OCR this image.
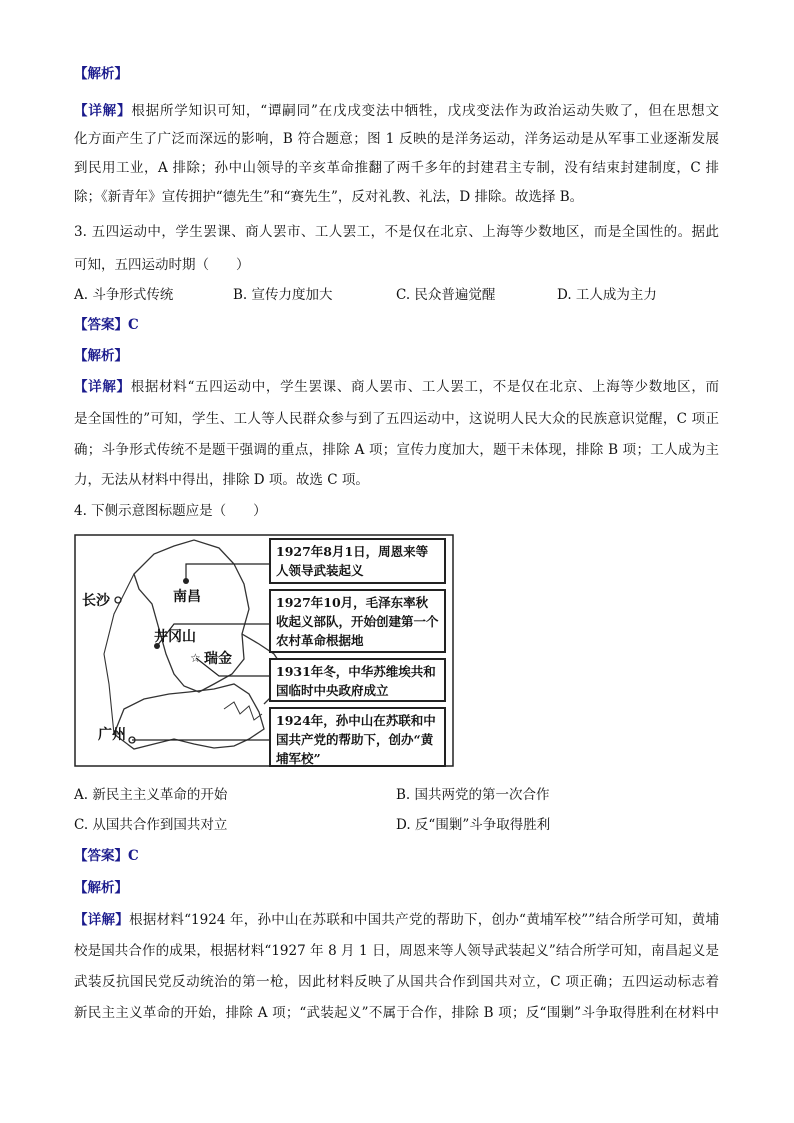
【解析】
【详解】根据所学知识可知，“谭嗣同”在戊戌变法中牺牲，戊戌变法作为政治运动失败了，但在思想文
化方面产生了广泛而深远的影响，B 符合题意；图 1 反映的是洋务运动，洋务运动是从军事工业逐渐发展
到民用工业，A 排除；孙中山领导的辛亥革命推翻了两千多年的封建君主专制，没有结束封建制度，C 排
除；《新青年》宣传拥护“德先生”和“赛先生”，反对礼教、礼法，D 排除。故选择 B。
3. 五四运动中，学生罢课、商人罢市、工人罢工，不是仅在北京、上海等少数地区，而是全国性的。据此
可知，五四运动时期（　　）
A. 斗争形式传统	B. 宣传力度加大	C. 民众普遍觉醒	D. 工人成为主力
【答案】C
【解析】
【详解】根据材料“五四运动中，学生罢课、商人罢市、工人罢工，不是仅在北京、上海等少数地区，而
是全国性的”可知，学生、工人等人民群众参与到了五四运动中，这说明人民大众的民族意识觉醒，C 项正
确；斗争形式传统不是题干强调的重点，排除 A 项；宣传力度加大，题干未体现，排除 B 项；工人成为主
力，无法从材料中得出，排除 D 项。故选 C 项。
4. 下侧示意图标题应是（　　）
☆
长沙	南昌
井冈山
瑞金
广州
1927年8月1日，周恩来等人领导武装起义
1927年10月，毛泽东率秋收起义部队，开始创建第一个农村革命根据地
1931年冬，中华苏维埃共和国临时中央政府成立
1924年，孙中山在苏联和中国共产党的帮助下，创办“黄埔军校”
A. 新民主主义革命的开始	B. 国共两党的第一次合作
C. 从国共合作到国共对立	D. 反“围剿”斗争取得胜利
【答案】C
【解析】
【详解】根据材料“1924 年，孙中山在苏联和中国共产党的帮助下，创办“黄埔军校””结合所学可知，黄埔
校是国共合作的成果，根据材料“1927 年 8 月 1 日，周恩来等人领导武装起义”结合所学可知，南昌起义是
武装反抗国民党反动统治的第一枪，因此材料反映了从国共合作到国共对立，C 项正确；五四运动标志着
新民主主义革命的开始，排除 A 项；“武装起义”不属于合作，排除 B 项；反“围剿”斗争取得胜利在材料中
